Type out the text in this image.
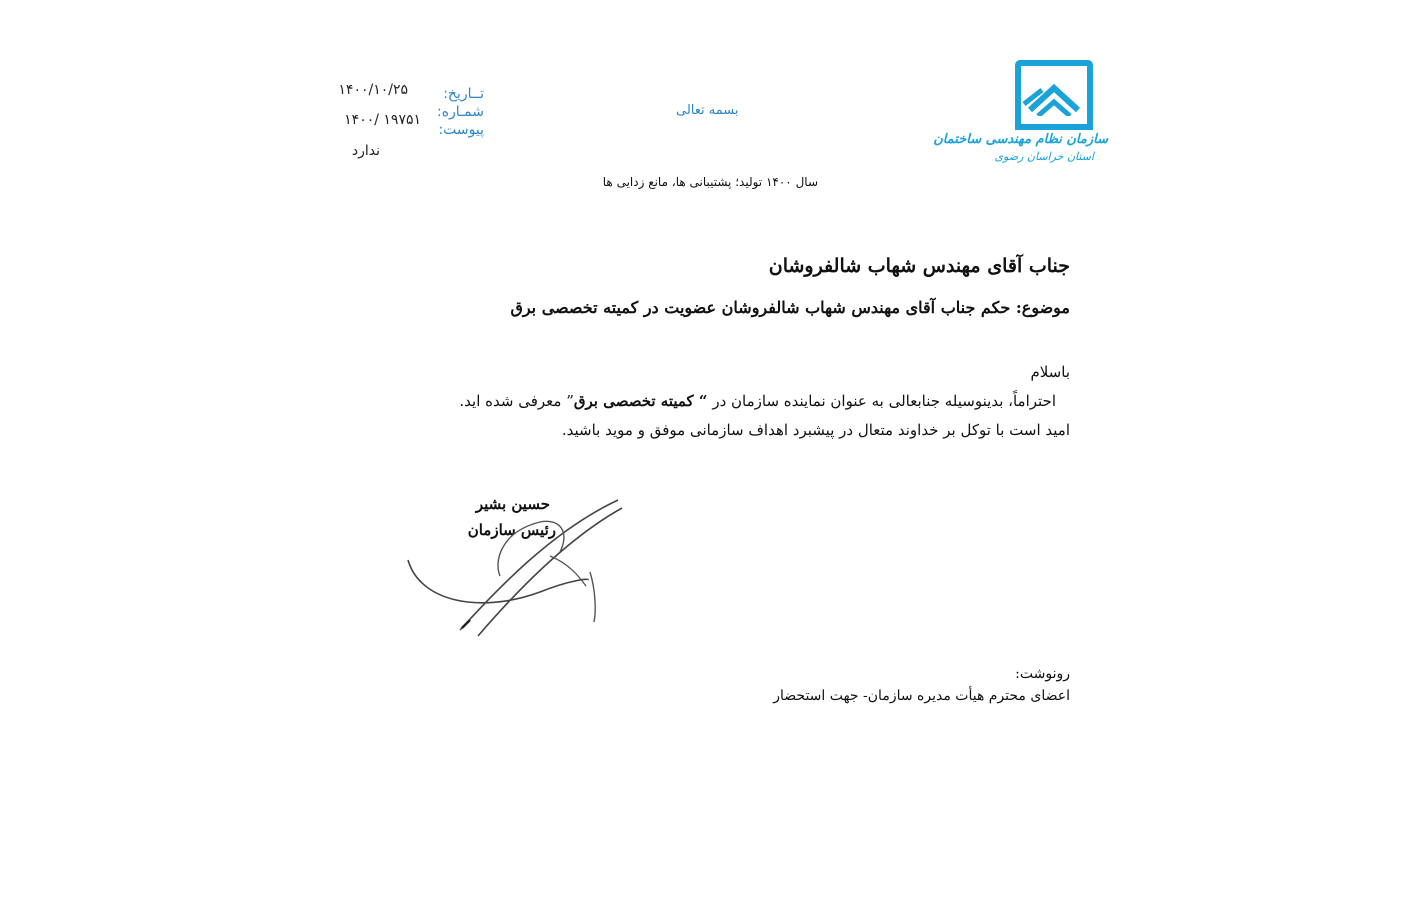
سازمان نظام مهندسی ساختمان
استان خراسان رضوی
بسمه تعالی
تــاریخ:
شمـاره:
پیوست:
۱۴۰۰/۱۰/۲۵
۱۴۰۰/ ۱۹۷۵۱
ندارد
سال ۱۴۰۰ تولید؛ پشتیبانی ها، مانع زدایی ها
جناب آقای مهندس شهاب شالفروشان
موضوع: حکم جناب آقای مهندس شهاب شالفروشان عضویت در کمیته تخصصی برق
باسلام
احتراماً، بدینوسیله جنابعالی به عنوان نماینده سازمان در “ کمیته تخصصی برق” معرفی شده اید.
امید است با توکل بر خداوند متعال در پیشبرد اهداف سازمانی موفق و موید باشید.
حسین بشیر
رئیس سازمان
رونوشت:
اعضای محترم هیأت مدیره سازمان- جهت استحضار
